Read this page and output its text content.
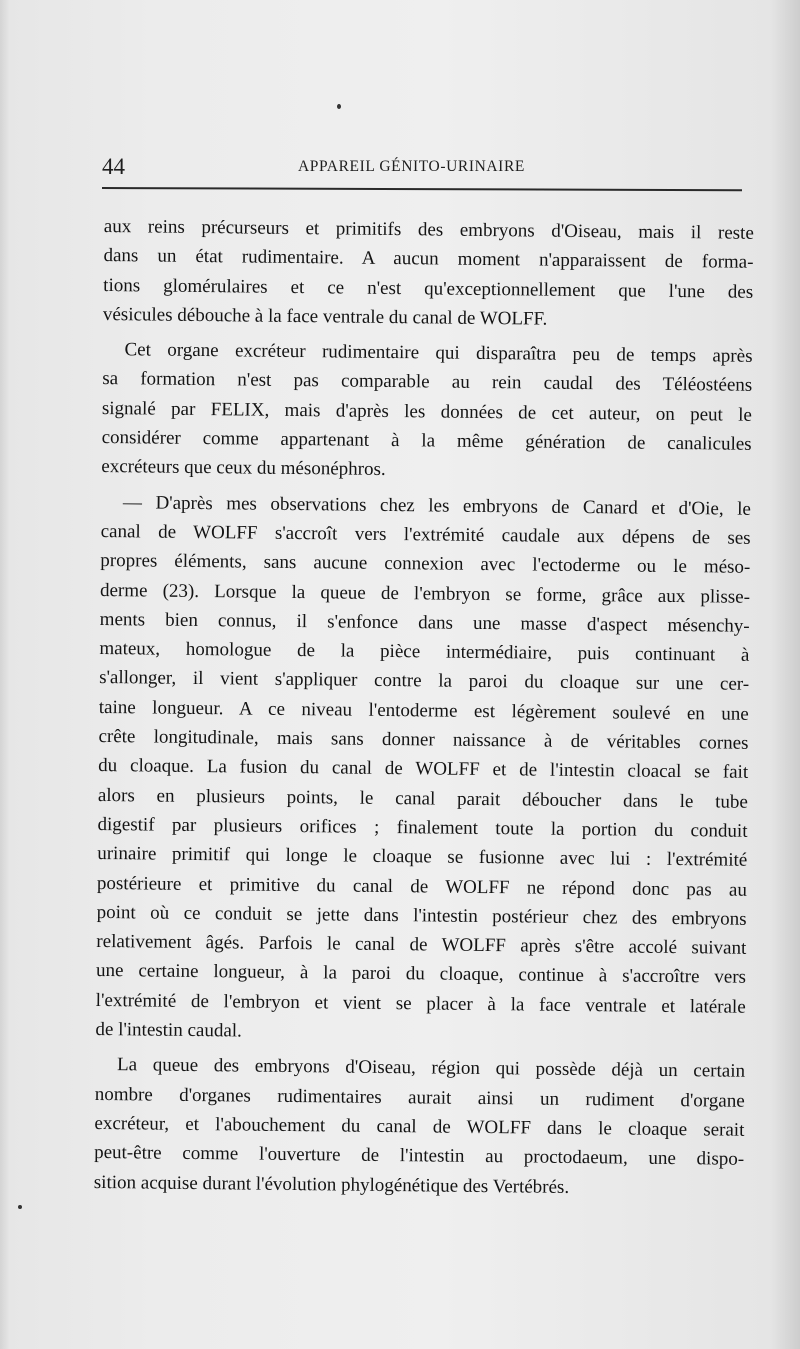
44	APPAREIL GÉNITO-URINAIRE
aux reins précurseurs et primitifs des embryons d'Oiseau, mais il reste
dans un état rudimentaire. A aucun moment n'apparaissent de forma-
tions glomérulaires et ce n'est qu'exceptionnellement que l'une des
vésicules débouche à la face ventrale du canal de WOLFF.
Cet organe excréteur rudimentaire qui disparaîtra peu de temps après
sa formation n'est pas comparable au rein caudal des Téléostéens
signalé par FELIX, mais d'après les données de cet auteur, on peut le
considérer comme appartenant à la même génération de canalicules
excréteurs que ceux du mésonéphros.
— D'après mes observations chez les embryons de Canard et d'Oie, le
canal de WOLFF s'accroît vers l'extrémité caudale aux dépens de ses
propres éléments, sans aucune connexion avec l'ectoderme ou le méso-
derme (23). Lorsque la queue de l'embryon se forme, grâce aux plisse-
ments bien connus, il s'enfonce dans une masse d'aspect mésenchy-
mateux, homologue de la pièce intermédiaire, puis continuant à
s'allonger, il vient s'appliquer contre la paroi du cloaque sur une cer-
taine longueur. A ce niveau l'entoderme est légèrement soulevé en une
crête longitudinale, mais sans donner naissance à de véritables cornes
du cloaque. La fusion du canal de WOLFF et de l'intestin cloacal se fait
alors en plusieurs points, le canal parait déboucher dans le tube
digestif par plusieurs orifices ; finalement toute la portion du conduit
urinaire primitif qui longe le cloaque se fusionne avec lui : l'extrémité
postérieure et primitive du canal de WOLFF ne répond donc pas au
point où ce conduit se jette dans l'intestin postérieur chez des embryons
relativement âgés. Parfois le canal de WOLFF après s'être accolé suivant
une certaine longueur, à la paroi du cloaque, continue à s'accroître vers
l'extrémité de l'embryon et vient se placer à la face ventrale et latérale
de l'intestin caudal.
La queue des embryons d'Oiseau, région qui possède déjà un certain
nombre d'organes rudimentaires aurait ainsi un rudiment d'organe
excréteur, et l'abouchement du canal de WOLFF dans le cloaque serait
peut-être comme l'ouverture de l'intestin au proctodaeum, une dispo-
sition acquise durant l'évolution phylogénétique des Vertébrés.
